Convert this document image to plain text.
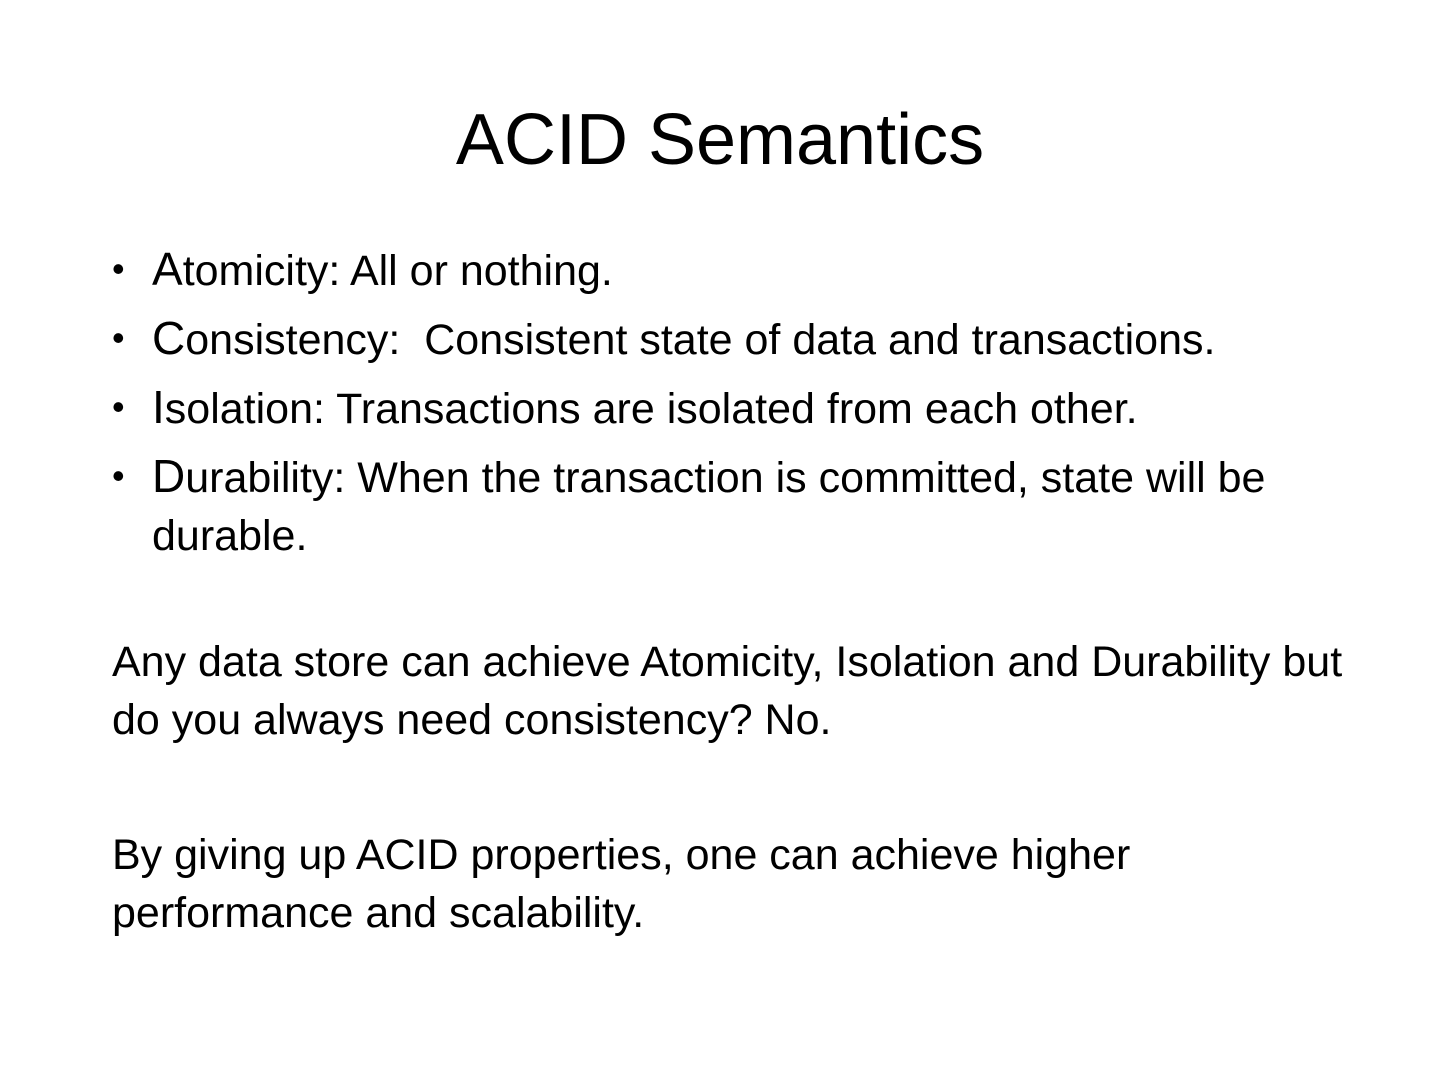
ACID Semantics
• Atomicity: All or nothing.
• Consistency:  Consistent state of data and transactions.
• Isolation: Transactions are isolated from each other.
• Durability: When the transaction is committed, state will be durable.

Any data store can achieve Atomicity, Isolation and Durability but do you always need consistency? No.

By giving up ACID properties, one can achieve higher performance and scalability.
